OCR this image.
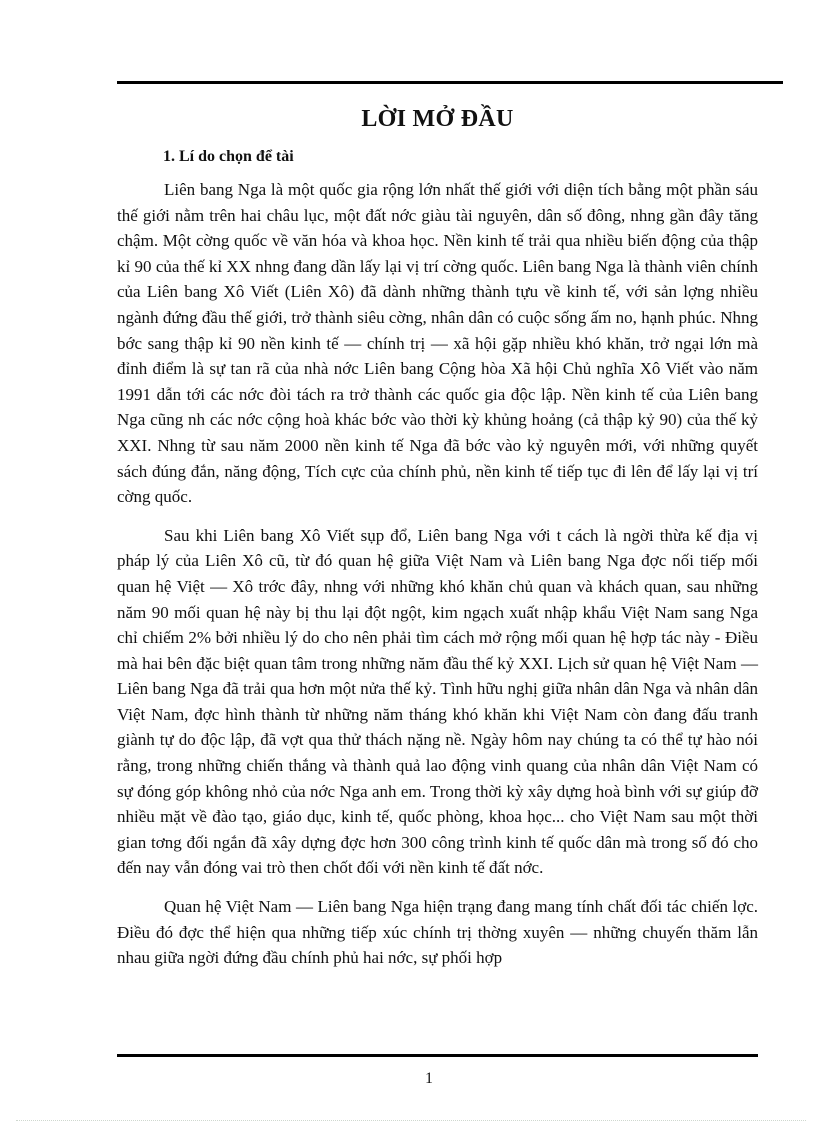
LỜI MỞ ĐẦU
1. Lí do chọn để tài

Liên bang Nga là một quốc gia rộng lớn nhất thế giới với diện tích bằng một phần sáu thế giới nằm trên hai châu lục, một đất nớc giàu tài nguyên, dân số đông, nhng gần đây tăng chậm. Một cờng quốc về văn hóa và khoa học. Nền kinh tế trải qua nhiều biến động của thập kỉ 90 của thế kỉ XX nhng đang dần lấy lại vị trí cờng quốc. Liên bang Nga là thành viên chính của Liên bang Xô Viết (Liên Xô) đã dành những thành tựu về kinh tế, với sản lợng nhiều ngành đứng đầu thế giới, trở thành siêu cờng, nhân dân có cuộc sống ấm no, hạnh phúc. Nhng bớc sang thập kỉ 90 nền kinh tế — chính trị — xã hội gặp nhiều khó khăn, trở ngại lớn mà đỉnh điểm là sự tan rã của nhà nớc Liên bang Cộng hòa Xã hội Chủ nghĩa Xô Viết vào năm 1991 dẫn tới các nớc đòi tách ra trở thành các quốc gia độc lập. Nền kinh tế của Liên bang Nga cũng nh các nớc cộng hoà khác bớc vào thời kỳ khủng hoảng (cả thập kỷ 90) của thế kỷ XXI. Nhng từ sau năm 2000 nền kinh tế Nga đã bớc vào kỷ nguyên mới, với những quyết sách đúng đắn, năng động, Tích cực của chính phủ, nền kinh tế tiếp tục đi lên để lấy lại vị trí cờng quốc.

Sau khi Liên bang Xô Viết sụp đổ, Liên bang Nga với t cách là ngời thừa kế địa vị pháp lý của Liên Xô cũ, từ đó quan hệ giữa Việt Nam và Liên bang Nga đợc nối tiếp mối quan hệ Việt — Xô trớc đây, nhng với những khó khăn chủ quan và khách quan, sau những năm 90 mối quan hệ này bị thu lại đột ngột, kim ngạch xuất nhập khẩu Việt Nam sang Nga chỉ chiếm 2% bởi nhiều lý do cho nên phải tìm cách mở rộng mối quan hệ hợp tác này - Điều mà hai bên đặc biệt quan tâm trong những năm đầu thế kỷ XXI. Lịch sử quan hệ Việt Nam — Liên bang Nga đã trải qua hơn một nửa thế kỷ. Tình hữu nghị giữa nhân dân Nga và nhân dân Việt Nam, đợc hình thành từ những năm tháng khó khăn khi Việt Nam còn đang đấu tranh giành tự do độc lập, đã vợt qua thử thách nặng nề. Ngày hôm nay chúng ta có thể tự hào nói rằng, trong những chiến thắng và thành quả lao động vinh quang của nhân dân Việt Nam có sự đóng góp không nhỏ của nớc Nga anh em. Trong thời kỳ xây dựng hoà bình với sự giúp đỡ nhiều mặt về đào tạo, giáo dục, kinh tế, quốc phòng, khoa học... cho Việt Nam sau một thời gian tơng đối ngắn đã xây dựng đợc hơn 300 công trình kinh tế quốc dân mà trong số đó cho đến nay vẫn đóng vai trò then chốt đối với nền kinh tế đất nớc.

Quan hệ Việt Nam — Liên bang Nga hiện trạng đang mang tính chất đối tác chiến lợc. Điều đó đợc thể hiện qua những tiếp xúc chính trị thờng xuyên — những chuyến thăm lẫn nhau giữa ngời đứng đầu chính phủ hai nớc, sự phối hợp

1
